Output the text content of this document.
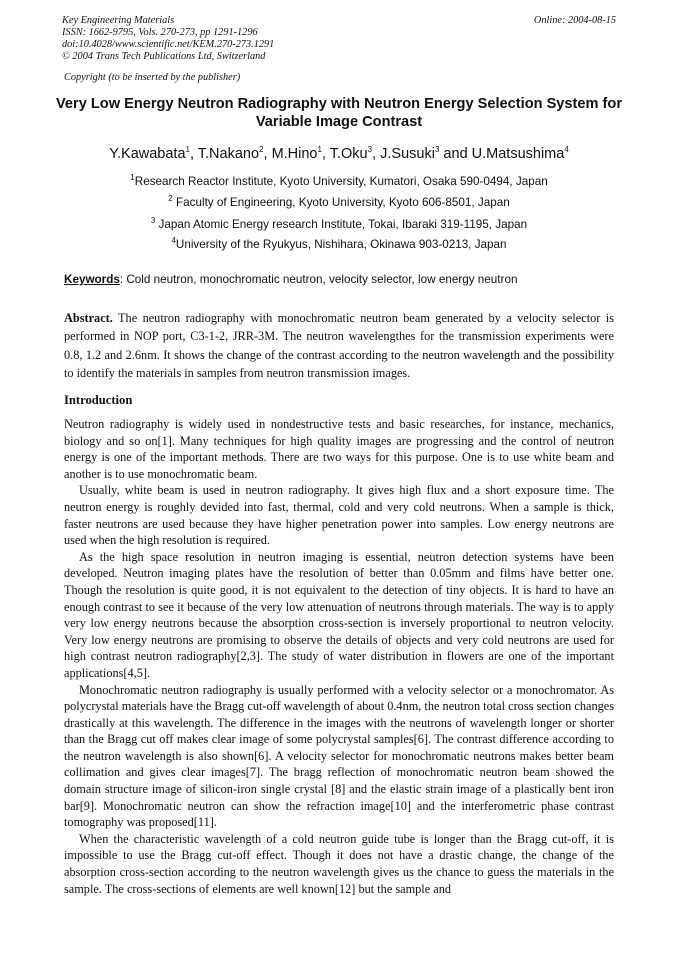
Key Engineering Materials
ISSN: 1662-9795, Vols. 270-273, pp 1291-1296
doi:10.4028/www.scientific.net/KEM.270-273.1291
© 2004 Trans Tech Publications Ltd, Switzerland
Online: 2004-08-15
Copyright (to be inserted by the publisher)
Very Low Energy Neutron Radiography with Neutron Energy Selection System for Variable Image Contrast
Y.Kawabata$^1$, T.Nakano$^2$, M.Hino$^1$, T.Oku$^3$, J.Susuki$^3$ and U.Matsushima$^4$
$^1$Research Reactor Institute, Kyoto University, Kumatori, Osaka 590-0494, Japan
$^2$ Faculty of Engineering, Kyoto University, Kyoto 606-8501, Japan
$^3$ Japan Atomic Energy research Institute, Tokai, Ibaraki 319-1195, Japan
$^4$University of the Ryukyus, Nishihara, Okinawa 903-0213, Japan
Keywords: Cold neutron, monochromatic neutron, velocity selector, low energy neutron
Abstract. The neutron radiography with monochromatic neutron beam generated by a velocity selector is performed in NOP port, C3-1-2, JRR-3M. The neutron wavelengthes for the transmission experiments were 0.8, 1.2 and 2.6nm. It shows the change of the contrast according to the neutron wavelength and the possibility to identify the materials in samples from neutron transmission images.
Introduction

Neutron radiography is widely used in nondestructive tests and basic researches, for instance, mechanics, biology and so on[1]. Many techniques for high quality images are progressing and the control of neutron energy is one of the important methods. There are two ways for this purpose. One is to use white beam and another is to use monochromatic beam.

Usually, white beam is used in neutron radiography. It gives high flux and a short exposure time. The neutron energy is roughly devided into fast, thermal, cold and very cold neutrons. When a sample is thick, faster neutrons are used because they have higher penetration power into samples. Low energy neutrons are used when the high resolution is required.

As the high space resolution in neutron imaging is essential, neutron detection systems have been developed. Neutron imaging plates have the resolution of better than 0.05mm and films have better one. Though the resolution is quite good, it is not equivalent to the detection of tiny objects. It is hard to have an enough contrast to see it because of the very low attenuation of neutrons through materials. The way is to apply very low energy neutrons because the absorption cross-section is inversely proportional to neutron velocity. Very low energy neutrons are promising to observe the details of objects and very cold neutrons are used for high contrast neutron radiography[2,3]. The study of water distribution in flowers are one of the important applications[4,5].

Monochromatic neutron radiography is usually performed with a velocity selector or a monochromator. As polycrystal materials have the Bragg cut-off wavelength of about 0.4nm, the neutron total cross section changes drastically at this wavelength. The difference in the images with the neutrons of wavelength longer or shorter than the Bragg cut off makes clear image of some polycrystal samples[6]. The contrast difference according to the neutron wavelength is also shown[6]. A velocity selector for monochromatic neutrons makes better beam collimation and gives clear images[7]. The bragg reflection of monochromatic neutron beam showed the domain structure image of silicon-iron single crystal [8] and the elastic strain image of a plastically bent iron bar[9]. Monochromatic neutron can show the refraction image[10] and the interferometric phase contrast tomography was proposed[11].

When the characteristic wavelength of a cold neutron guide tube is longer than the Bragg cut-off, it is impossible to use the Bragg cut-off effect. Though it does not have a drastic change, the change of the absorption cross-section according to the neutron wavelength gives us the chance to guess the materials in the sample. The cross-sections of elements are well known[12] but the sample and
